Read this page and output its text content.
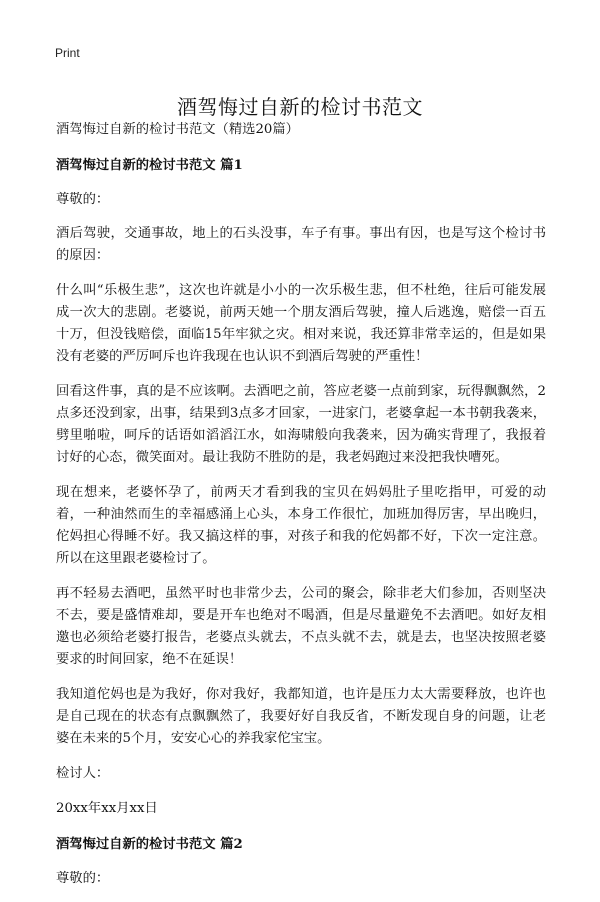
Print
酒驾悔过自新的检讨书范文

酒驾悔过自新的检讨书范文（精选20篇）

酒驾悔过自新的检讨书范文 篇1

尊敬的：

酒后驾驶，交通事故，地上的石头没事，车子有事。事出有因，也是写这个检讨书的原因：

什么叫“乐极生悲”，这次也许就是小小的一次乐极生悲，但不杜绝，往后可能发展成一次大的悲剧。老婆说，前两天她一个朋友酒后驾驶，撞人后逃逸，赔偿一百五十万，但没钱赔偿，面临15年牢狱之灾。相对来说，我还算非常幸运的，但是如果没有老婆的严厉呵斥也许我现在也认识不到酒后驾驶的严重性！

回看这件事，真的是不应该啊。去酒吧之前，答应老婆一点前到家，玩得飘飘然，2点多还没到家，出事，结果到3点多才回家，一进家门，老婆拿起一本书朝我袭来，劈里啪啦，呵斥的话语如滔滔江水，如海啸般向我袭来，因为确实背理了，我报着讨好的心态，微笑面对。最让我防不胜防的是，我老妈跑过来没把我快嘈死。

现在想来，老婆怀孕了，前两天才看到我的宝贝在妈妈肚子里吃指甲，可爱的动着，一种油然而生的幸福感涌上心头，本身工作很忙，加班加得厉害，早出晚归，佗妈担心得睡不好。我又搞这样的事，对孩子和我的佗妈都不好，下次一定注意。所以在这里跟老婆检讨了。

再不轻易去酒吧，虽然平时也非常少去，公司的聚会，除非老大们参加，否则坚决不去，要是盛情难却，要是开车也绝对不喝酒，但是尽量避免不去酒吧。如好友相邀也必须给老婆打报告，老婆点头就去，不点头就不去，就是去，也坚决按照老婆要求的时间回家，绝不在延误！

我知道佗妈也是为我好，你对我好，我都知道，也许是压力太大需要释放，也许也是自己现在的状态有点飘飘然了，我要好好自我反省，不断发现自身的问题，让老婆在未来的5个月，安安心心的养我家佗宝宝。

检讨人：

20xx年xx月xx日

酒驾悔过自新的检讨书范文 篇2

尊敬的：
